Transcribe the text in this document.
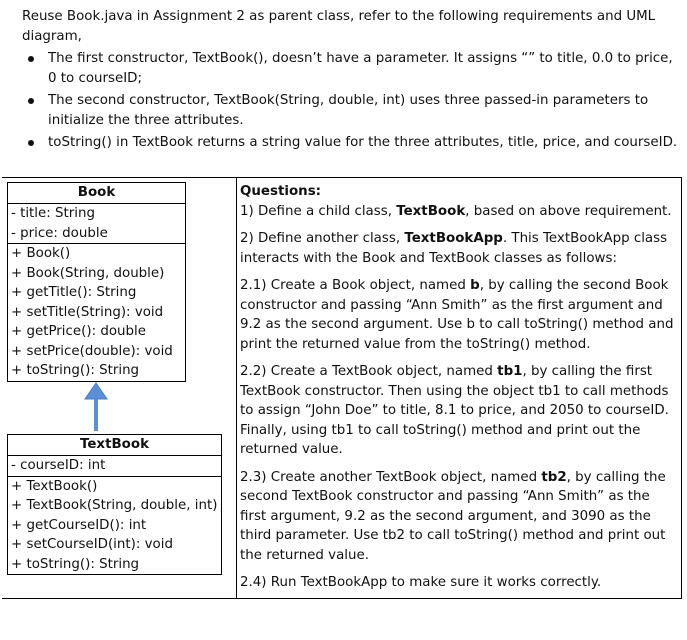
Reuse Book.java in Assignment 2 as parent class, refer to the following requirements and UML diagram,

The first constructor, TextBook(), doesn’t have a parameter. It assigns “” to title, 0.0 to price, 0 to courseID;
The second constructor, TextBook(String, double, int) uses three passed-in parameters to initialize the three attributes.
toString() in TextBook returns a string value for the three attributes, title, price, and courseID.
Book
- title: String
- price: double
+ Book()
+ Book(String, double)
+ getTitle(): String
+ setTitle(String): void
+ getPrice(): double
+ setPrice(double): void
+ toString(): String
TextBook
- courseID: int
+ TextBook()
+ TextBook(String, double, int)
+ getCourseID(): int
+ setCourseID(int): void
+ toString(): String
Questions:
1) Define a child class, TextBook, based on above requirement.
2) Define another class, TextBookApp. This TextBookApp class interacts with the Book and TextBook classes as follows:
2.1) Create a Book object, named b, by calling the second Book constructor and passing “Ann Smith” as the first argument and 9.2 as the second argument. Use b to call toString() method and print the returned value from the toString() method.
2.2) Create a TextBook object, named tb1, by calling the first TextBook constructor. Then using the object tb1 to call methods to assign “John Doe” to title, 8.1 to price, and 2050 to courseID. Finally, using tb1 to call toString() method and print out the returned value.
2.3) Create another TextBook object, named tb2, by calling the second TextBook constructor and passing “Ann Smith” as the first argument, 9.2 as the second argument, and 3090 as the third parameter. Use tb2 to call toString() method and print out the returned value.
2.4) Run TextBookApp to make sure it works correctly.
